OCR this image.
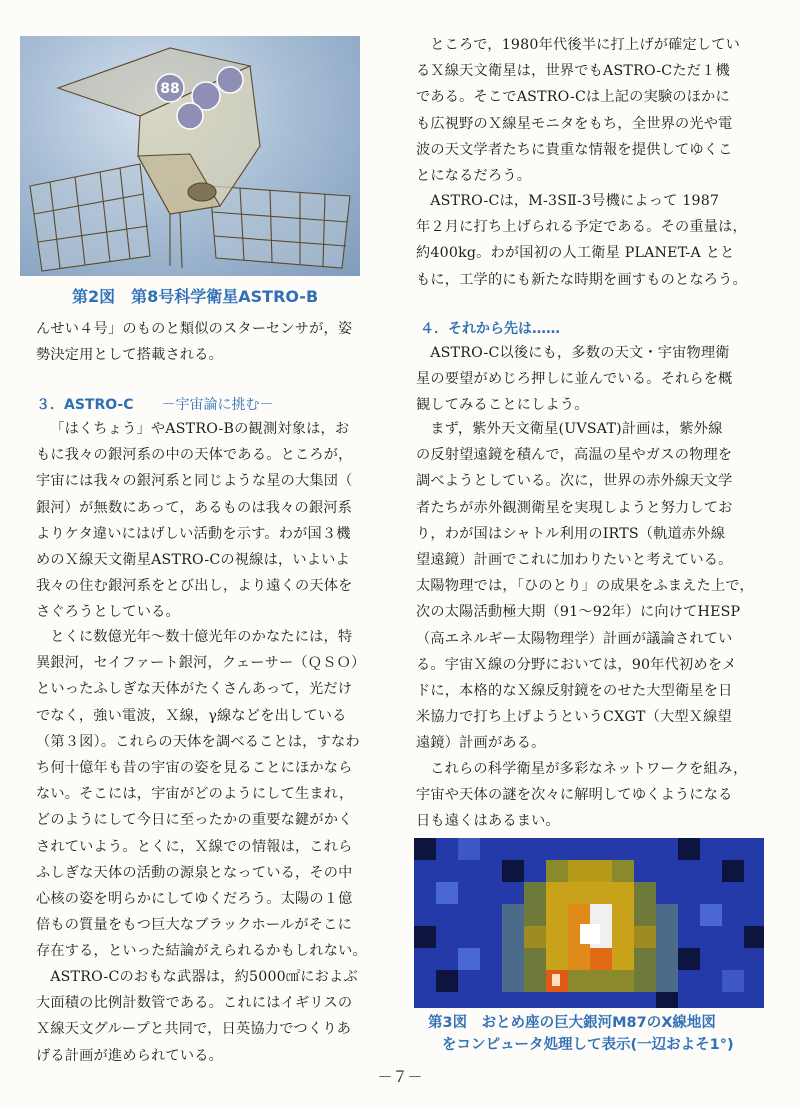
88
第2図　第8号科学衛星ASTRO-B
んせい４号」のものと類似のスターセンサが，姿
勢決定用として搭載される。
３．ASTRO-C －宇宙論に挑む－
「はくちょう」やASTRO-Bの観測対象は，お
もに我々の銀河系の中の天体である。ところが，
宇宙には我々の銀河系と同じような星の大集団（
銀河）が無数にあって，あるものは我々の銀河系
よりケタ違いにはげしい活動を示す。わが国３機
めのＸ線天文衛星ASTRO-Cの視線は，いよいよ
我々の住む銀河系をとび出し，より遠くの天体を
さぐろうとしている。
とくに数億光年～数十億光年のかなたには，特
異銀河，セイファート銀河，クェーサー（ＱＳＯ）
といったふしぎな天体がたくさんあって，光だけ
でなく，強い電波，Ｘ線，γ線などを出している
（第３図）。これらの天体を調べることは，すなわ
ち何十億年も昔の宇宙の姿を見ることにほかなら
ない。そこには，宇宙がどのようにして生まれ，
どのようにして今日に至ったかの重要な鍵がかく
されていよう。とくに，Ｘ線での情報は，これら
ふしぎな天体の活動の源泉となっている，その中
心核の姿を明らかにしてゆくだろう。太陽の１億
倍もの質量をもつ巨大なブラックホールがそこに
存在する，といった結論がえられるかもしれない。
ASTRO-Cのおもな武器は，約5000㎠におよぶ
大面積の比例計数管である。これにはイギリスの
Ｘ線天文グループと共同で，日英協力でつくりあ
げる計画が進められている。
ところで，1980年代後半に打上げが確定してい
るＸ線天文衛星は，世界でもASTRO-Cただ１機
である。そこでASTRO-Cは上記の実験のほかに
も広視野のＸ線星モニタをもち，全世界の光や電
波の天文学者たちに貴重な情報を提供してゆくこ
とになるだろう。
ASTRO-Cは，M-3SⅡ-3号機によって 1987
年２月に打ち上げられる予定である。その重量は，
約400kg。わが国初の人工衛星 PLANET-A とと
もに，工学的にも新たな時期を画すものとなろう。
４．それから先は……
ASTRO-C以後にも，多数の天文・宇宙物理衛
星の要望がめじろ押しに並んでいる。それらを概
観してみることにしよう。
まず，紫外天文衛星(UVSAT)計画は，紫外線
の反射望遠鏡を積んで，高温の星やガスの物理を
調べようとしている。次に，世界の赤外線天文学
者たちが赤外観測衛星を実現しようと努力してお
り，わが国はシャトル利用のIRTS（軌道赤外線
望遠鏡）計画でこれに加わりたいと考えている。
太陽物理では，「ひのとり」の成果をふまえた上で，
次の太陽活動極大期（91～92年）に向けてHESP
（高エネルギー太陽物理学）計画が議論されてい
る。宇宙Ｘ線の分野においては，90年代初めをメ
ドに，本格的なＸ線反射鏡をのせた大型衛星を日
米協力で打ち上げようというCXGT（大型Ｘ線望
遠鏡）計画がある。
これらの科学衛星が多彩なネットワークを組み，
宇宙や天体の謎を次々に解明してゆくようになる
日も遠くはあるまい。
第3図　おとめ座の巨大銀河M87のX線地図
をコンピュータ処理して表示(一辺およそ1°)
－７－
